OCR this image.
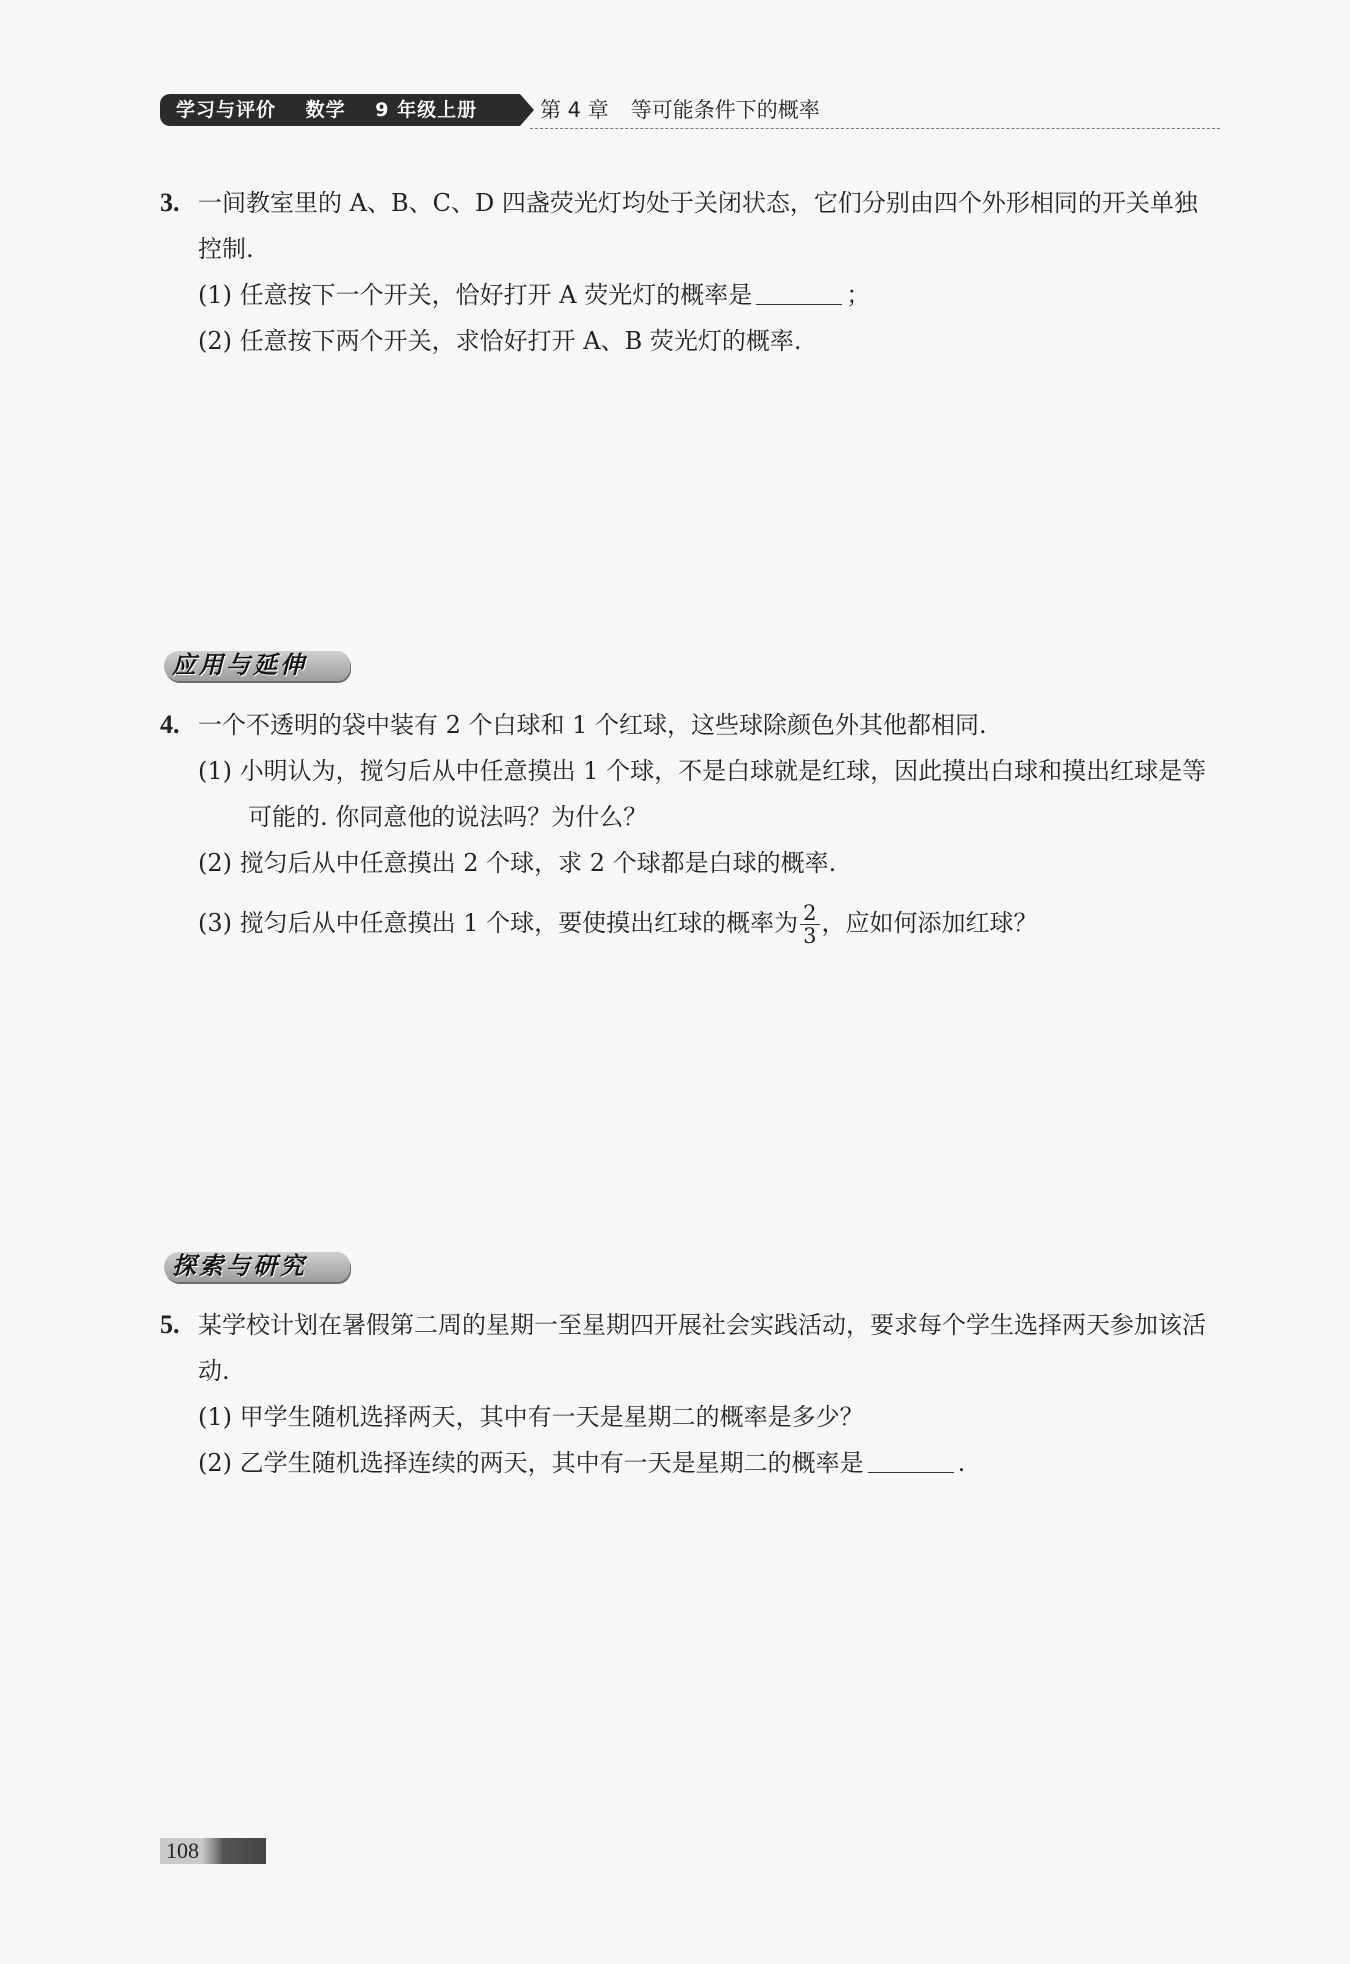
学习与评价 数学 9 年级上册	第 4 章 等可能条件下的概率
3. 一间教室里的 A、B、C、D 四盏荧光灯均处于关闭状态，它们分别由四个外形相同的开关单独控制.
(1) 任意按下一个开关，恰好打开 A 荧光灯的概率是	；
(2) 任意按下两个开关，求恰好打开 A、B 荧光灯的概率.
应用与延伸
4. 一个不透明的袋中装有 2 个白球和 1 个红球，这些球除颜色外其他都相同.
(1) 小明认为，搅匀后从中任意摸出 1 个球，不是白球就是红球，因此摸出白球和摸出红球是等可能的. 你同意他的说法吗？为什么？
(2) 搅匀后从中任意摸出 2 个球，求 2 个球都是白球的概率.
(3) 搅匀后从中任意摸出 1 个球，要使摸出红球的概率为 $\frac{2}{3}$ ，应如何添加红球？
探索与研究
5. 某学校计划在暑假第二周的星期一至星期四开展社会实践活动，要求每个学生选择两天参加该活动.
(1) 甲学生随机选择两天，其中有一天是星期二的概率是多少？
(2) 乙学生随机选择连续的两天，其中有一天是星期二的概率是	.
108
